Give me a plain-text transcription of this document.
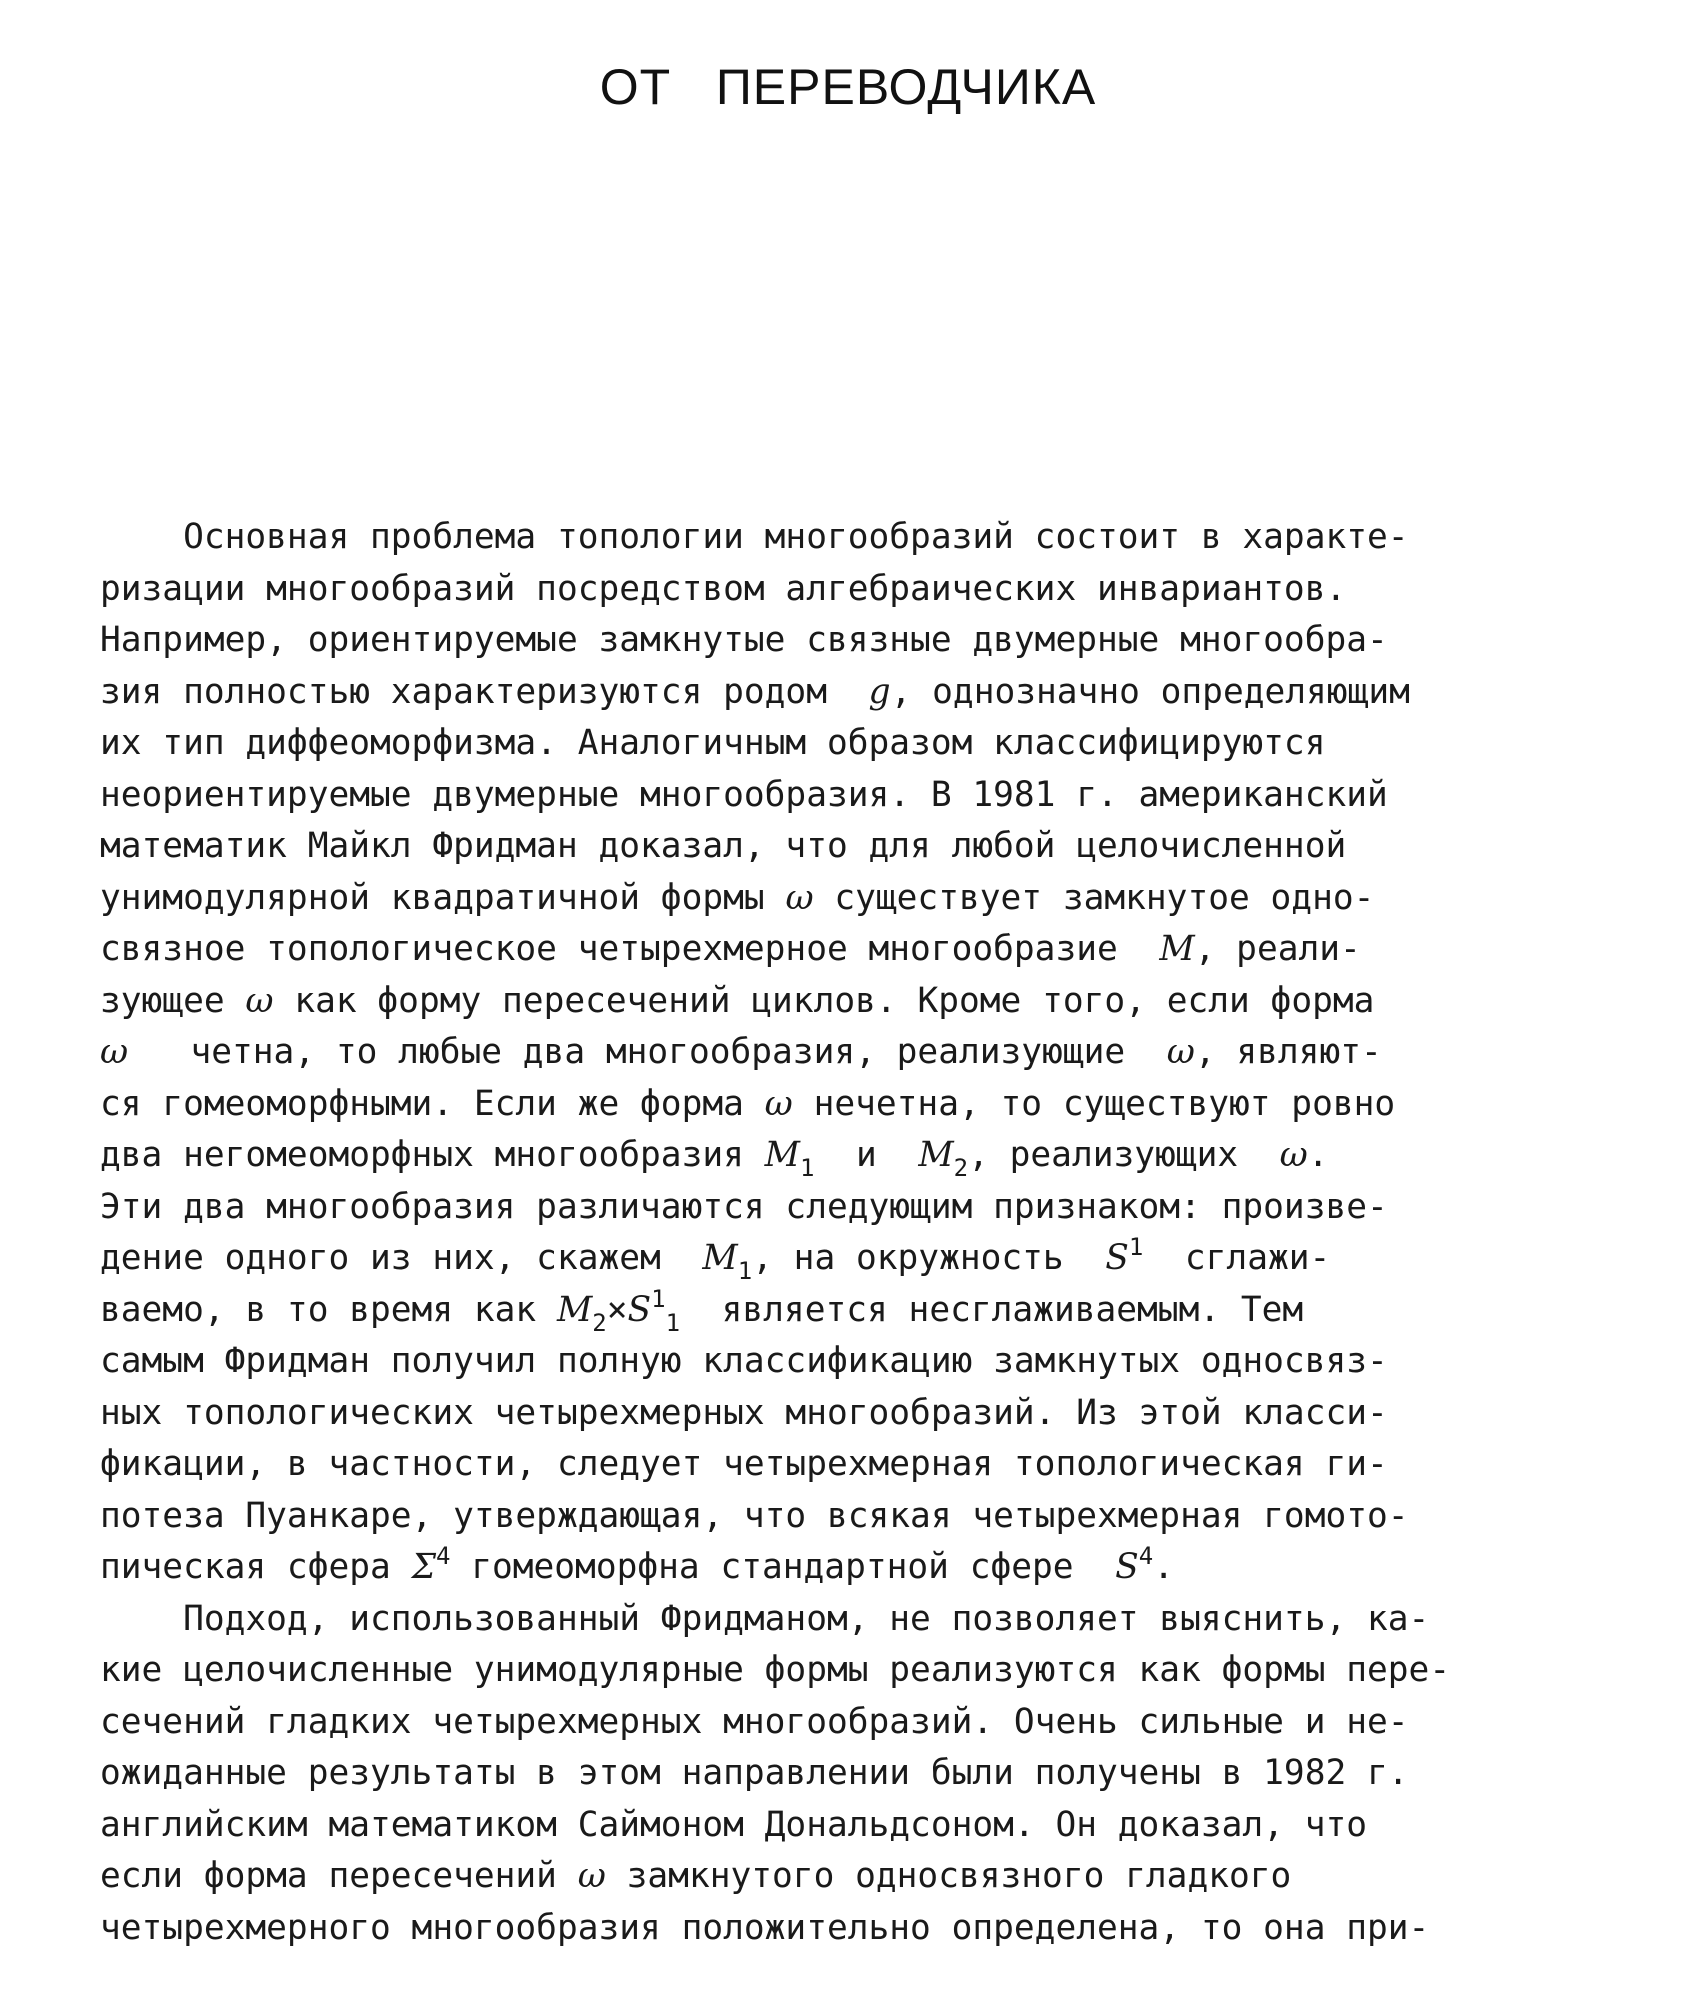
ОТ   ПЕРЕВОДЧИКА
Основная проблема топологии многообразий состоит в характе-
ризации многообразий посредством алгебраических инвариантов.
Например, ориентируемые замкнутые связные двумерные многообра-
зия полностью характеризуются родом  g, однозначно определяющим
их тип диффеоморфизма. Аналогичным образом классифицируются
неориентируемые двумерные многообразия. В 1981 г. американский
математик Майкл Фридман доказал, что для любой целочисленной
унимодулярной квадратичной формы ω существует замкнутое одно-
связное топологическое четырехмерное многообразие  M, реали-
зующее ω как форму пересечений циклов. Кроме того, если форма
ω   четна, то любые два многообразия, реализующие  ω, являют-
ся гомеоморфными. Если же форма ω нечетна, то существуют ровно
два негомеоморфных многообразия $M_1$  и  $M_2$, реализующих  ω.
Эти два многообразия различаются следующим признаком: произве-
дение одного из них, скажем  $M_1$, на окружность  $S^1$  сглажи-
ваемо, в то время как $M_2\times S^1_1$  является несглаживаемым. Тем
самым Фридман получил полную классификацию замкнутых односвяз-
ных топологических четырехмерных многообразий. Из этой класси-
фикации, в частности, следует четырехмерная топологическая ги-
потеза Пуанкаре, утверждающая, что всякая четырехмерная гомото-
пическая сфера $\Sigma^4$ гомеоморфна стандартной сфере  $S^4$.
Подход, использованный Фридманом, не позволяет выяснить, ка-
кие целочисленные унимодулярные формы реализуются как формы пере-
сечений гладких четырехмерных многообразий. Очень сильные и не-
ожиданные результаты в этом направлении были получены в 1982 г.
английским математиком Саймоном Дональдсоном. Он доказал, что
если форма пересечений ω замкнутого односвязного гладкого
четырехмерного многообразия положительно определена, то она при-
